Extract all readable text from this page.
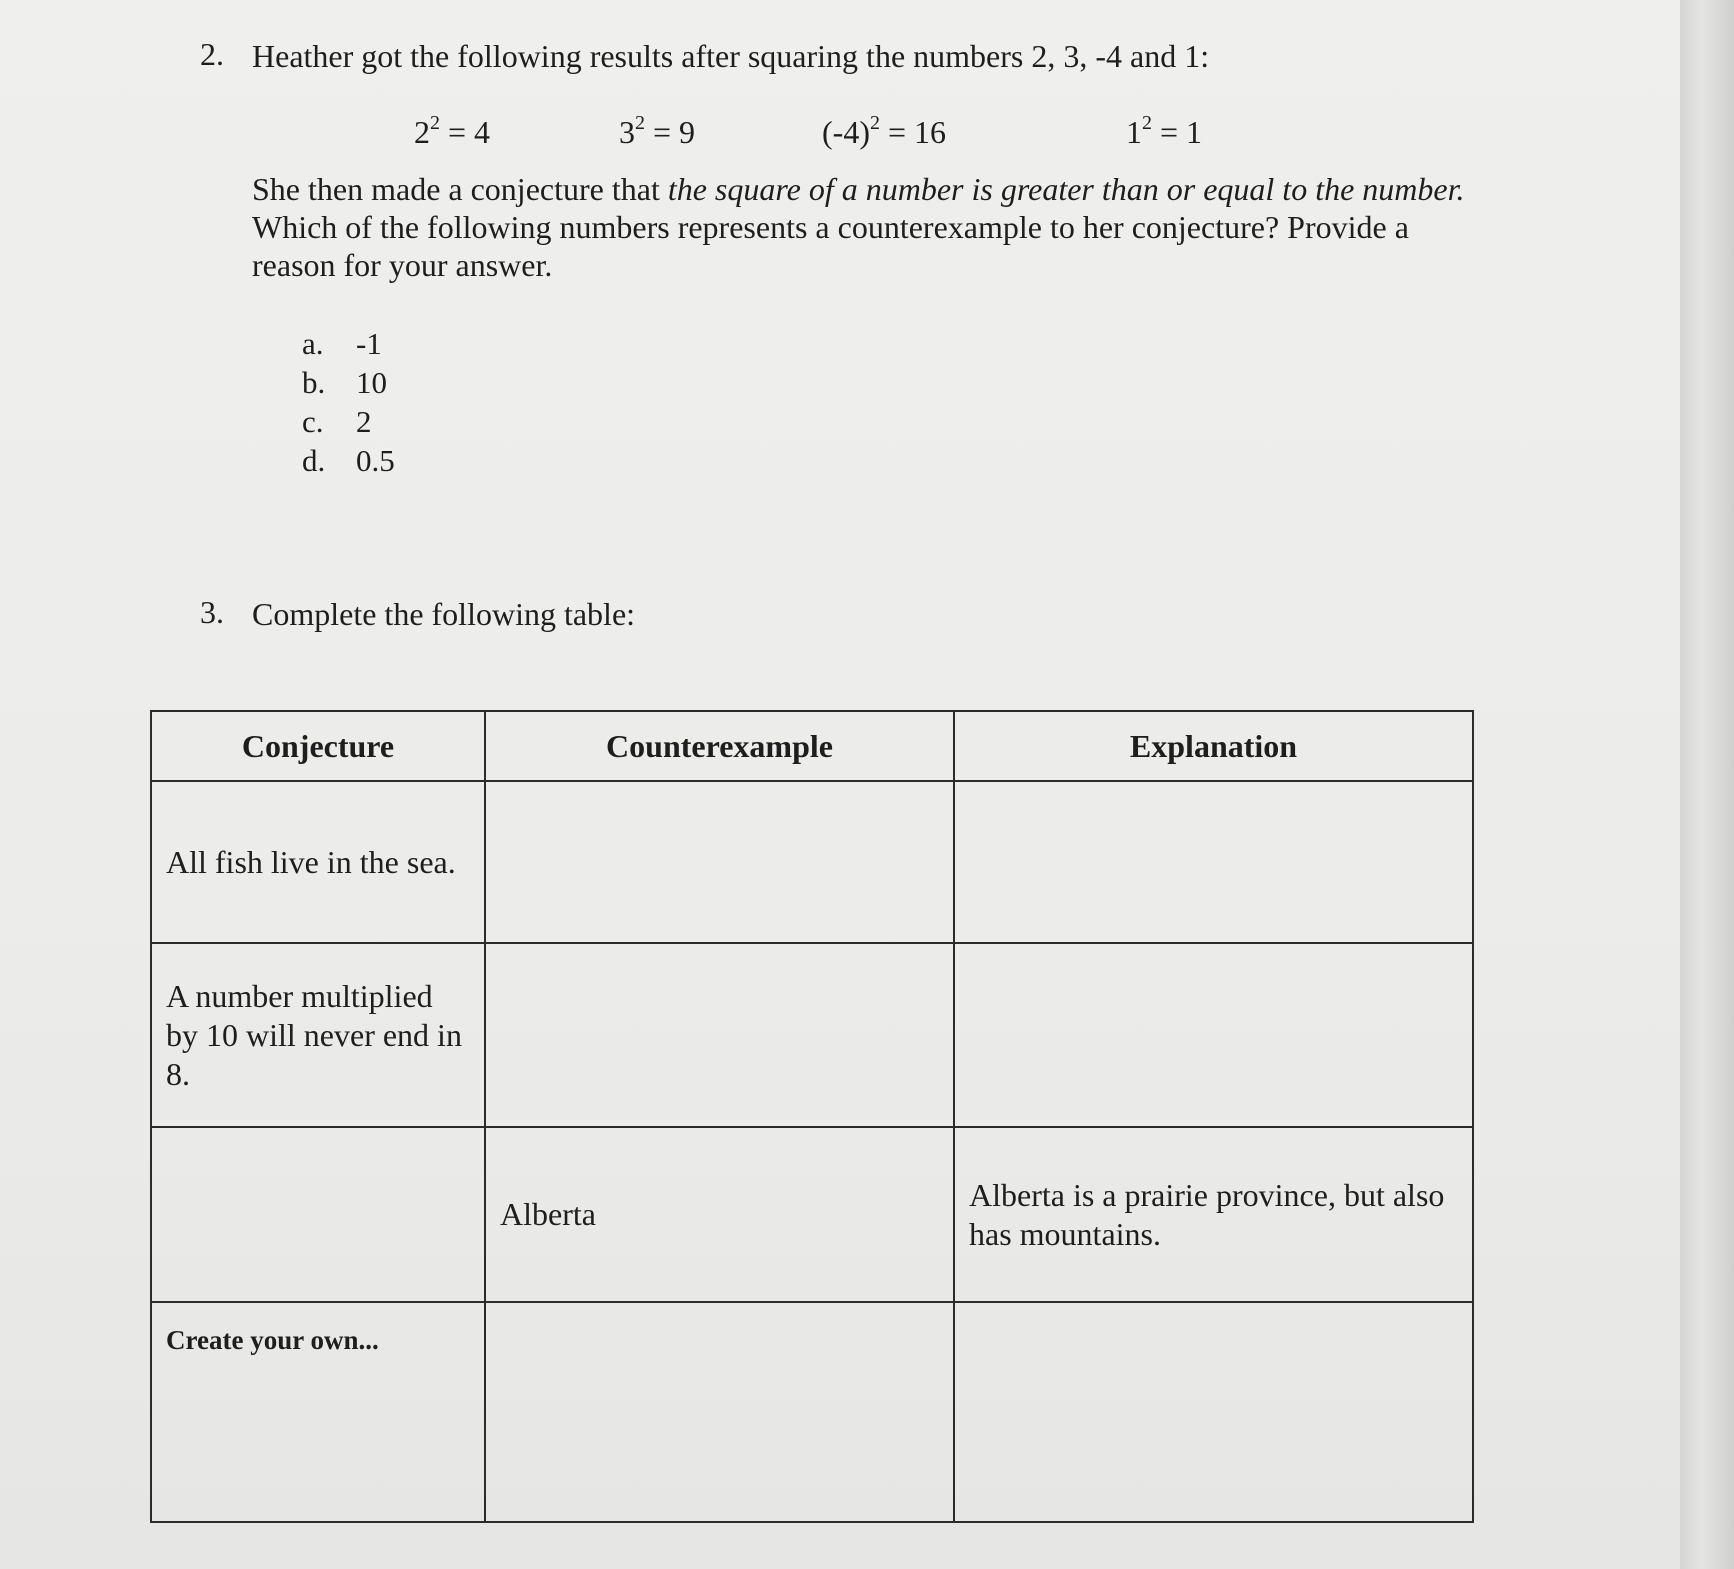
2. Heather got the following results after squaring the numbers 2, 3, -4 and 1:
$2^2 = 4$	$3^2 = 9$	$(-4)^2 = 16$	$1^2 = 1$
She then made a conjecture that the square of a number is greater than or equal to the number. Which of the following numbers represents a counterexample to her conjecture? Provide a reason for your answer.
a.	-1
b. 10
c.	2
d. 0.5
3. Complete the following table:
Conjecture	Counterexample	Explanation
All fish live in the sea.		
A number multiplied by 10 will never end in 8.		
	Alberta	Alberta is a prairie province, but also has mountains.
Create your own...		
